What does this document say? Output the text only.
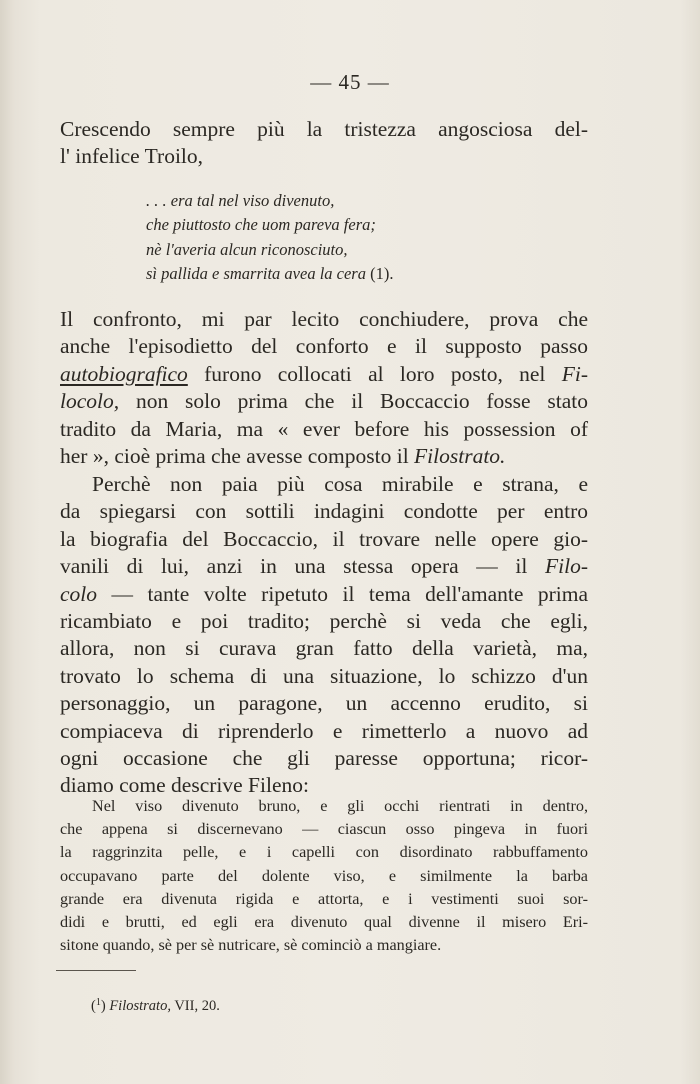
— 45 —

Crescendo sempre più la tristezza angosciosa del-
l' infelice Troilo,

. . . era tal nel viso divenuto,
che piuttosto che uom pareva fera;
nè l'averia alcun riconosciuto,
sì pallida e smarrita avea la cera (1).

Il confronto, mi par lecito conchiudere, prova che
anche l'episodietto del conforto e il supposto passo
autobiografico furono collocati al loro posto, nel Fi-
locolo, non solo prima che il Boccaccio fosse stato
tradito da Maria, ma « ever before his possession of
her », cioè prima che avesse composto il Filostrato.

Perchè non paia più cosa mirabile e strana, e
da spiegarsi con sottili indagini condotte per entro
la biografia del Boccaccio, il trovare nelle opere gio-
vanili di lui, anzi in una stessa opera — il Filo-
colo — tante volte ripetuto il tema dell'amante prima
ricambiato e poi tradito; perchè si veda che egli,
allora, non si curava gran fatto della varietà, ma,
trovato lo schema di una situazione, lo schizzo d'un
personaggio, un paragone, un accenno erudito, si
compiaceva di riprenderlo e rimetterlo a nuovo ad
ogni occasione che gli paresse opportuna; ricor-
diamo come descrive Fileno:

Nel viso divenuto bruno, e gli occhi rientrati in dentro,
che appena si discernevano — ciascun osso pingeva in fuori
la raggrinzita pelle, e i capelli con disordinato rabbuffamento
occupavano parte del dolente viso, e similmente la barba
grande era divenuta rigida e attorta, e i vestimenti suoi sor-
didi e brutti, ed egli era divenuto qual divenne il misero Eri-
sitone quando, sè per sè nutricare, sè cominciò a mangiare.
($^1$) Filostrato, VII, 20.
